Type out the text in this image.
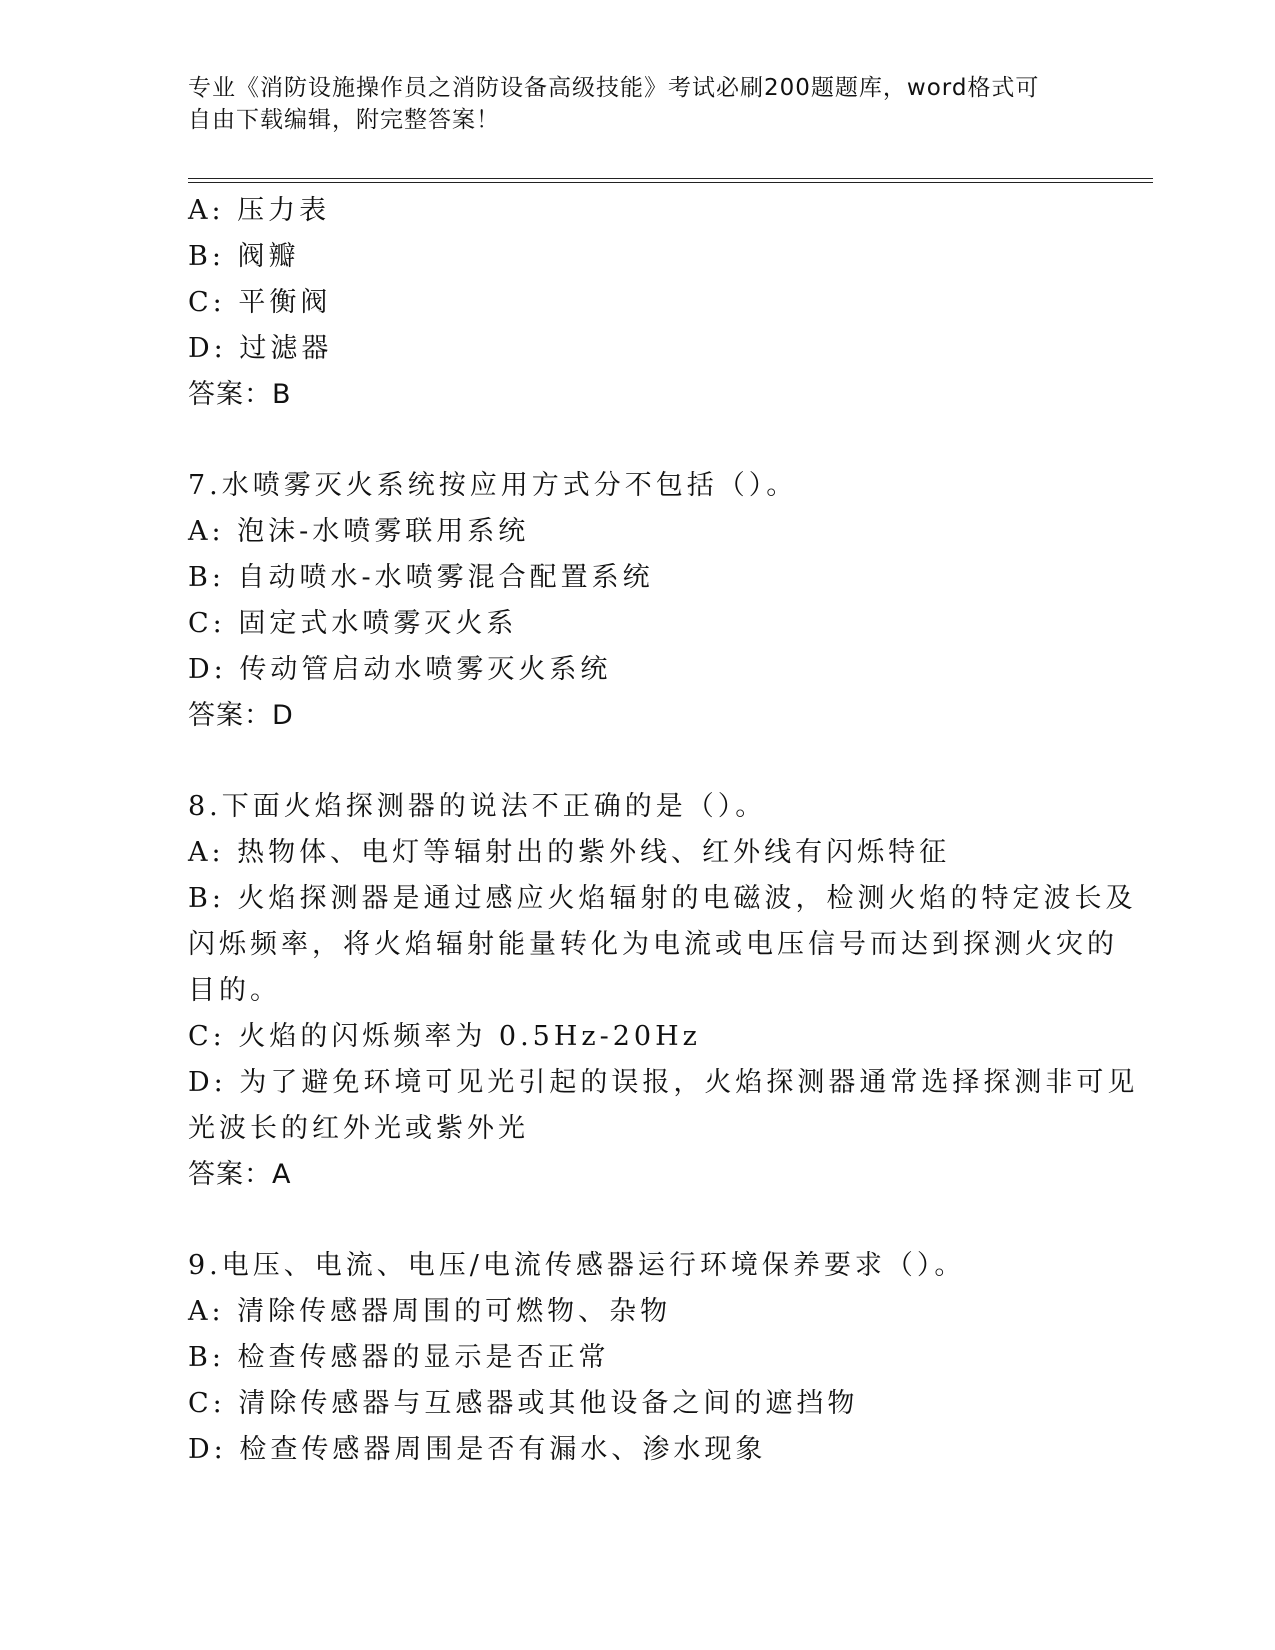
专业《消防设施操作员之消防设备高级技能》考试必刷200题题库，word格式可
自由下载编辑，附完整答案！
A: 压力表
B: 阀瓣
C: 平衡阀
D: 过滤器
答案：B
7.水喷雾灭火系统按应用方式分不包括（）。
A: 泡沫-水喷雾联用系统
B: 自动喷水-水喷雾混合配置系统
C: 固定式水喷雾灭火系
D: 传动管启动水喷雾灭火系统
答案：D
8.下面火焰探测器的说法不正确的是（）。
A: 热物体、电灯等辐射出的紫外线、红外线有闪烁特征
B: 火焰探测器是通过感应火焰辐射的电磁波，检测火焰的特定波长及
闪烁频率，将火焰辐射能量转化为电流或电压信号而达到探测火灾的
目的。
C: 火焰的闪烁频率为 0.5Hz-20Hz
D: 为了避免环境可见光引起的误报，火焰探测器通常选择探测非可见
光波长的红外光或紫外光
答案：A
9.电压、电流、电压/电流传感器运行环境保养要求（）。
A: 清除传感器周围的可燃物、杂物
B: 检查传感器的显示是否正常
C: 清除传感器与互感器或其他设备之间的遮挡物
D: 检查传感器周围是否有漏水、渗水现象
